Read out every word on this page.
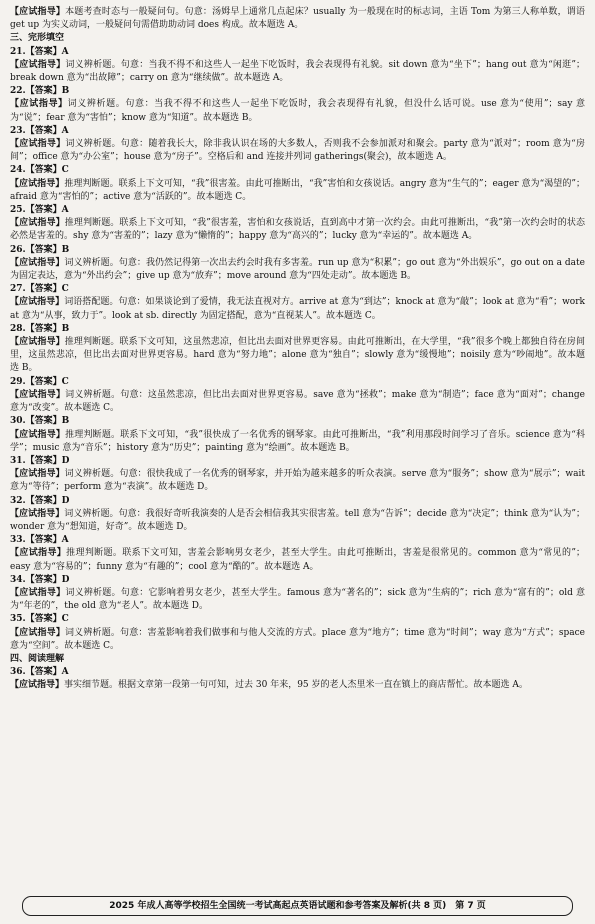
【应试指导】本题考查时态与一般疑问句。句意：汤姆早上通常几点起床？usually 为一般现在时的标志词，主语 Tom 为第三人称单数，谓语 get up 为实义动词，一般疑问句需借助助动词 does 构成。故本题选 A。

三、完形填空

21.【答案】A

【应试指导】词义辨析题。句意：当我不得不和这些人一起坐下吃饭时，我会表现得有礼貌。sit down 意为“坐下”；hang out 意为“闲逛”；break down 意为“出故障”；carry on 意为“继续做”。故本题选 A。

22.【答案】B

【应试指导】词义辨析题。句意：当我不得不和这些人一起坐下吃饭时，我会表现得有礼貌，但没什么话可说。use 意为“使用”；say 意为“说”；fear 意为“害怕”；know 意为“知道”。故本题选 B。

23.【答案】A

【应试指导】词义辨析题。句意：随着我长大，除非我认识在场的大多数人，否则我不会参加派对和聚会。party 意为“派对”；room 意为“房间”；office 意为“办公室”；house 意为“房子”。空格后和 and 连接并列词 gatherings(聚会)，故本题选 A。

24.【答案】C

【应试指导】推理判断题。联系上下文可知，“我”很害羞。由此可推断出，“我”害怕和女孩说话。angry 意为“生气的”；eager 意为“渴望的”；afraid 意为“害怕的”；active 意为“活跃的”。故本题选 C。

25.【答案】A

【应试指导】推理判断题。联系上下文可知，“我”很害羞，害怕和女孩说话，直到高中才第一次约会。由此可推断出，“我”第一次约会时的状态必然是害羞的。shy 意为“害羞的”；lazy 意为“懒惰的”；happy 意为“高兴的”；lucky 意为“幸运的”。故本题选 A。

26.【答案】B

【应试指导】词义辨析题。句意：我仍然记得第一次出去约会时我有多害羞。run up 意为“积累”；go out 意为“外出娱乐”，go out on a date 为固定表达，意为“外出约会”；give up 意为“放弃”；move around 意为“四处走动”。故本题选 B。

27.【答案】C

【应试指导】词语搭配题。句意：如果谈论到了爱情，我无法直视对方。arrive at 意为“到达”；knock at 意为“敲”；look at 意为“看”；work at 意为“从事，致力于”。look at sb. directly 为固定搭配，意为“直视某人”。故本题选 C。

28.【答案】B

【应试指导】推理判断题。联系下文可知，这虽然悲凉，但比出去面对世界更容易。由此可推断出，在大学里，“我”很多个晚上都独自待在房间里，这虽然悲凉，但比出去面对世界更容易。hard 意为“努力地”；alone 意为“独自”；slowly 意为“缓慢地”；noisily 意为“吵闹地”。故本题选 B。

29.【答案】C

【应试指导】词义辨析题。句意：这虽然悲凉，但比出去面对世界更容易。save 意为“拯救”；make 意为“制造”；face 意为“面对”；change 意为“改变”。故本题选 C。

30.【答案】B

【应试指导】推理判断题。联系下文可知，“我”很快成了一名优秀的钢琴家。由此可推断出，“我”利用那段时间学习了音乐。science 意为“科学”；music 意为“音乐”；history 意为“历史”；painting 意为“绘画”。故本题选 B。

31.【答案】D

【应试指导】词义辨析题。句意：很快我成了一名优秀的钢琴家，并开始为越来越多的听众表演。serve 意为“服务”；show 意为“展示”；wait 意为“等待”；perform 意为“表演”。故本题选 D。

32.【答案】D

【应试指导】词义辨析题。句意：我很好奇听我演奏的人是否会相信我其实很害羞。tell 意为“告诉”；decide 意为“决定”；think 意为“认为”；wonder 意为“想知道，好奇”。故本题选 D。

33.【答案】A

【应试指导】推理判断题。联系下文可知，害羞会影响男女老少，甚至大学生。由此可推断出，害羞是很常见的。common 意为“常见的”；easy 意为“容易的”；funny 意为“有趣的”；cool 意为“酷的”。故本题选 A。

34.【答案】D

【应试指导】词义辨析题。句意：它影响着男女老少，甚至大学生。famous 意为“著名的”；sick 意为“生病的”；rich 意为“富有的”；old 意为“年老的”，the old 意为“老人”。故本题选 D。

35.【答案】C

【应试指导】词义辨析题。句意：害羞影响着我们做事和与他人交流的方式。place 意为“地方”；time 意为“时间”；way 意为“方式”；space 意为“空间”。故本题选 C。

四、阅读理解

36.【答案】A

【应试指导】事实细节题。根据文章第一段第一句可知，过去 30 年来，95 岁的老人杰里米一直在镇上的商店帮忙。故本题选 A。

2025 年成人高等学校招生全国统一考试高起点英语试题和参考答案及解析(共 8 页)　第 7 页
